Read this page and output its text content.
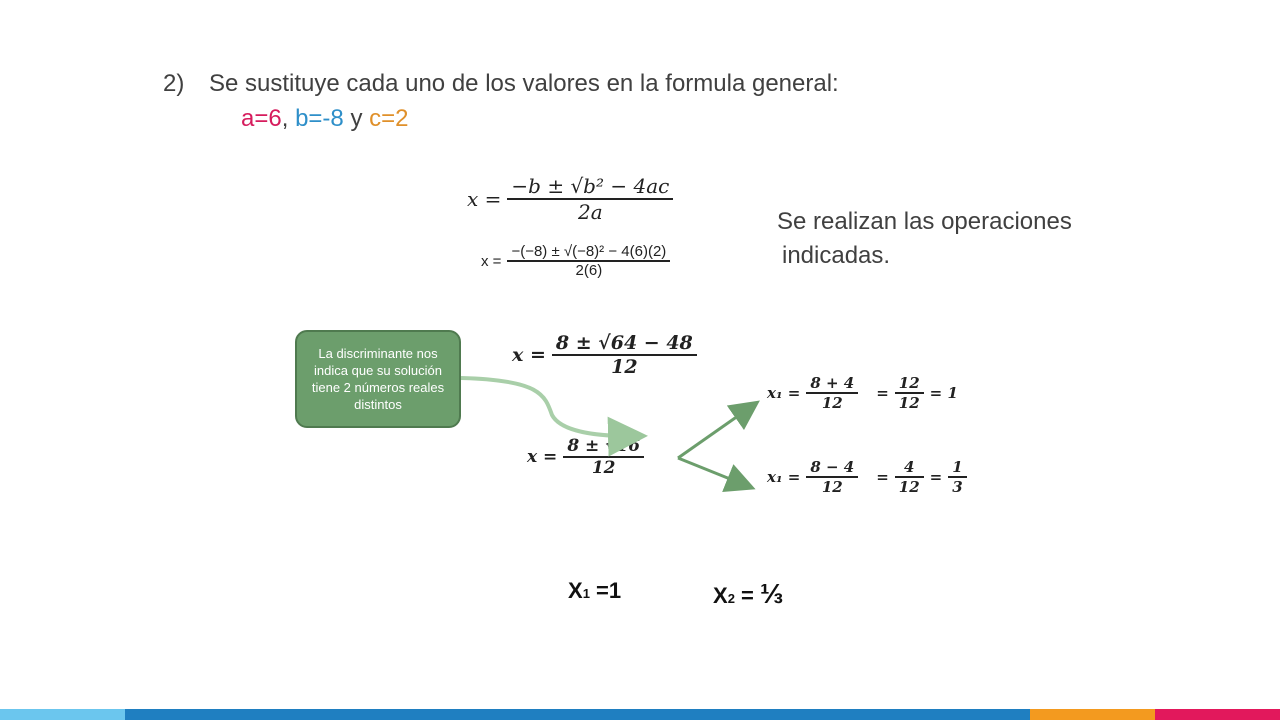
2) Se sustituye cada uno de los valores en la formula general:
a=6, b=-8 y c=2
Se realizan las operaciones
indicadas.
$x = \frac{\text{−b ± √b² − 4ac}}{2a}$
$x = \frac{\text{−(−8) ± √(−8)² − 4(6)(2)}}{2(6)}$
$x = \frac{8 \pm √64 - 48}{12}$
$x = \frac{8 \pm √16}{12}$
$x_1 = \frac{8 + 4}{12} = \frac{12}{12} = 1$
$x_1 = \frac{8 - 4}{12} = \frac{4}{12} = \frac{1}{3}$
La discriminante nos indica que su solución tiene 2 números reales distintos
X1 =1	X2 = ⅓
